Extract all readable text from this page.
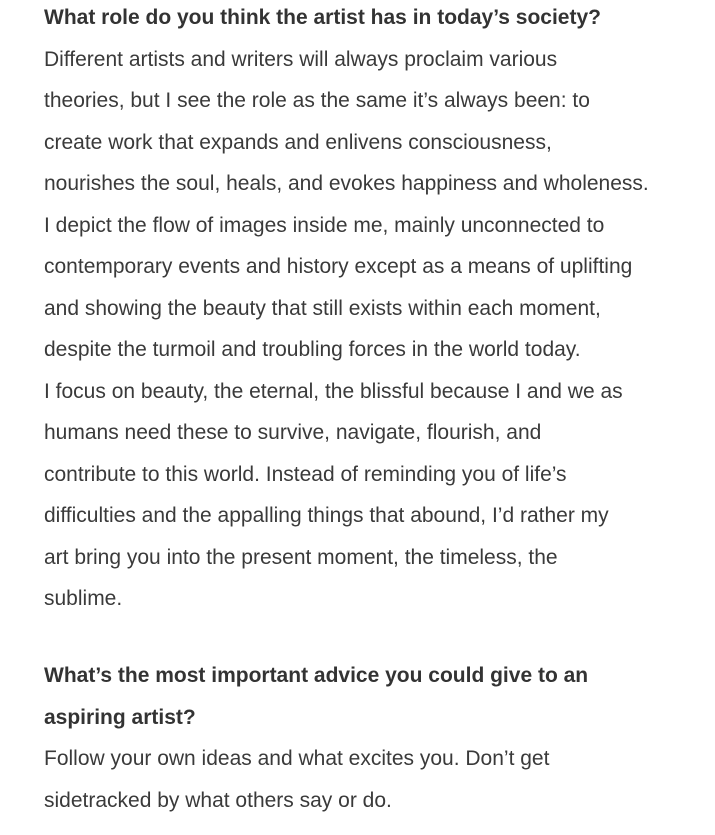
What role do you think the artist has in today’s society?

Different artists and writers will always proclaim various

theories, but I see the role as the same it’s always been: to

create work that expands and enlivens consciousness,

nourishes the soul, heals, and evokes happiness and wholeness.

I depict the flow of images inside me, mainly unconnected to

contemporary events and history except as a means of uplifting

and showing the beauty that still exists within each moment,

despite the turmoil and troubling forces in the world today.

I focus on beauty, the eternal, the blissful because I and we as

humans need these to survive, navigate, flourish, and

contribute to this world. Instead of reminding you of life’s

difficulties and the appalling things that abound, I’d rather my

art bring you into the present moment, the timeless, the

sublime.

What’s the most important advice you could give to an

aspiring artist?

Follow your own ideas and what excites you. Don’t get

sidetracked by what others say or do.
